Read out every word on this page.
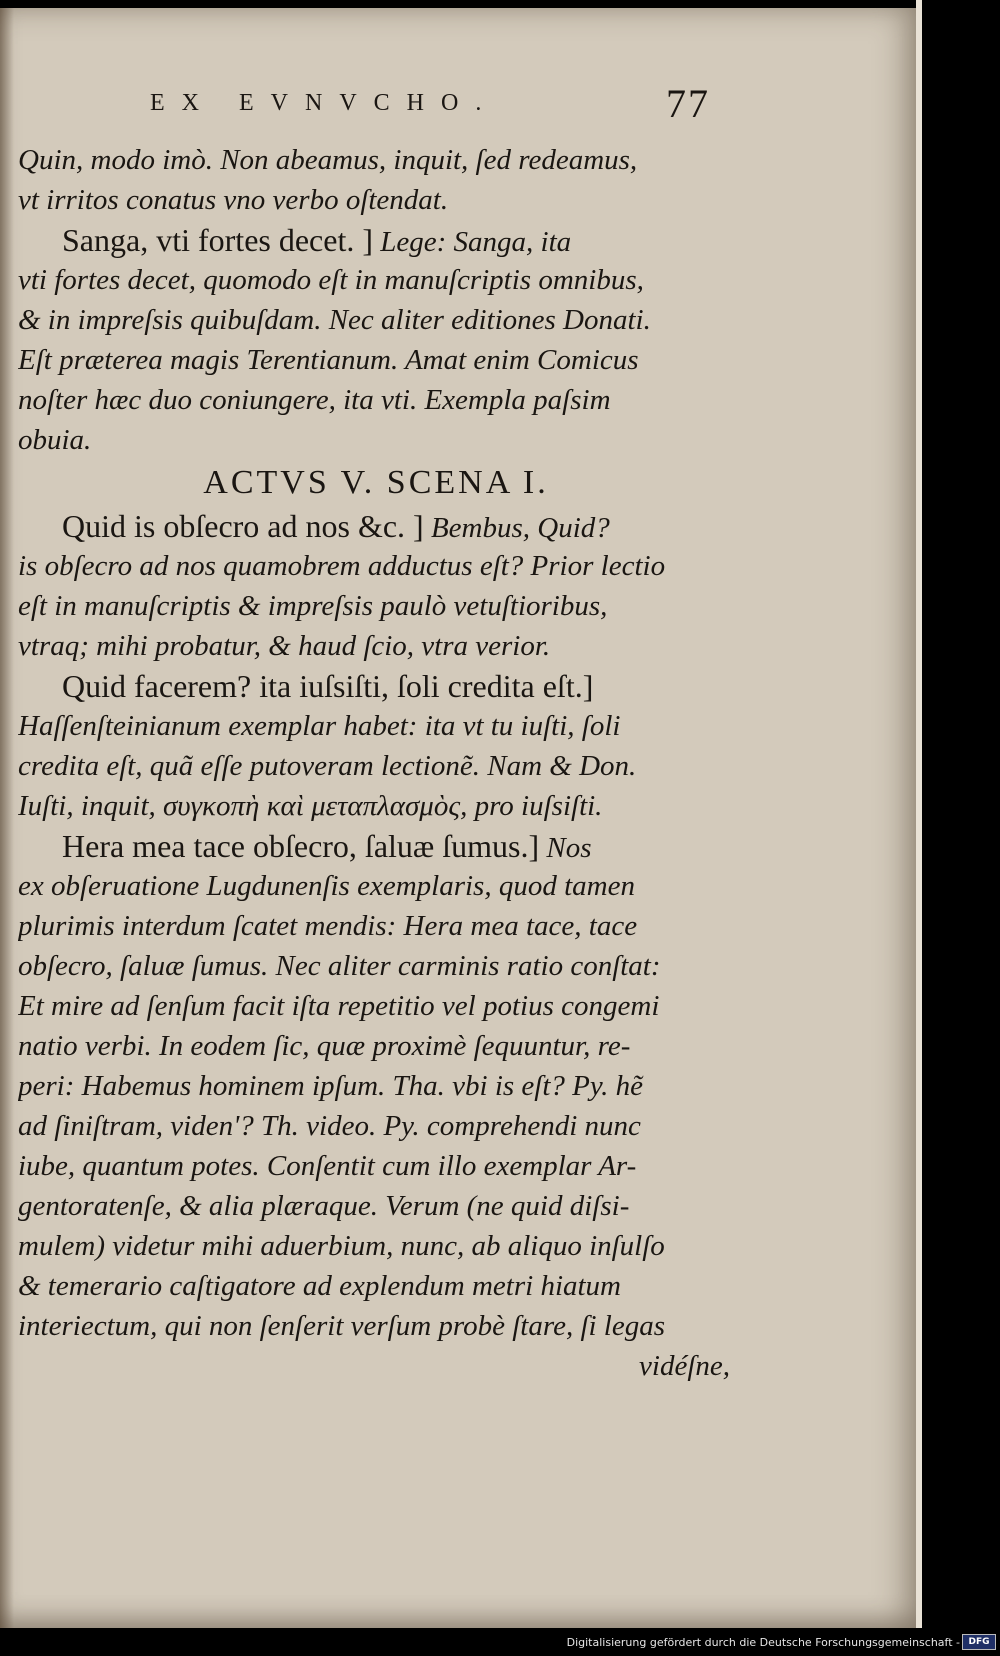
EX EVNVCHO.	77
Quin, modo imò. Non abeamus, inquit, ſed redeamus,
vt irritos conatus vno verbo oſtendat.
Sanga, vti fortes decet. ] Lege: Sanga, ita
vti fortes decet, quomodo eſt in manuſcriptis omnibus,
& in impreſsis quibuſdam. Nec aliter editiones Donati.
Eſt præterea magis Terentianum. Amat enim Comicus
noſter hæc duo coniungere, ita vti. Exempla paſsim
obuia.
ACTVS V. SCENA I.
Quid is obſecro ad nos &c. ] Bembus, Quid?
is obſecro ad nos quamobrem adductus eſt? Prior lectio
eſt in manuſcriptis & impreſsis paulò vetuſtioribus,
vtraq; mihi probatur, & haud ſcio, vtra verior.
Quid facerem? ita iuſsiſti, ſoli credita eſt.]
Haſſenſteinianum exemplar habet: ita vt tu iuſti, ſoli
credita eſt, quã eſſe putoveram lectionẽ. Nam & Don.
Iuſti, inquit, συγκοπὴ καὶ μεταπλασμὸς, pro iuſsiſti.
Hera mea tace obſecro, ſaluæ ſumus.] Nos
ex obſeruatione Lugdunenſis exemplaris, quod tamen
plurimis interdum ſcatet mendis: Hera mea tace, tace
obſecro, ſaluæ ſumus. Nec aliter carminis ratio conſtat:
Et mire ad ſenſum facit iſta repetitio vel potius congemi
natio verbi. In eodem ſic, quæ proximè ſequuntur, re-
peri: Habemus hominem ipſum. Tha. vbi is eſt? Py. hẽ
ad ſiniſtram, viden'? Th. video. Py. comprehendi nunc
iube, quantum potes. Conſentit cum illo exemplar Ar-
gentoratenſe, & alia plæraque. Verum (ne quid diſsi-
mulem) videtur mihi aduerbium, nunc, ab aliquo inſulſo
& temerario caſtigatore ad explendum metri hiatum
interiectum, qui non ſenſerit verſum probè ſtare, ſi legas
vidéſne,
Digitalisierung gefördert durch die Deutsche Forschungsgemeinschaft - DFG
